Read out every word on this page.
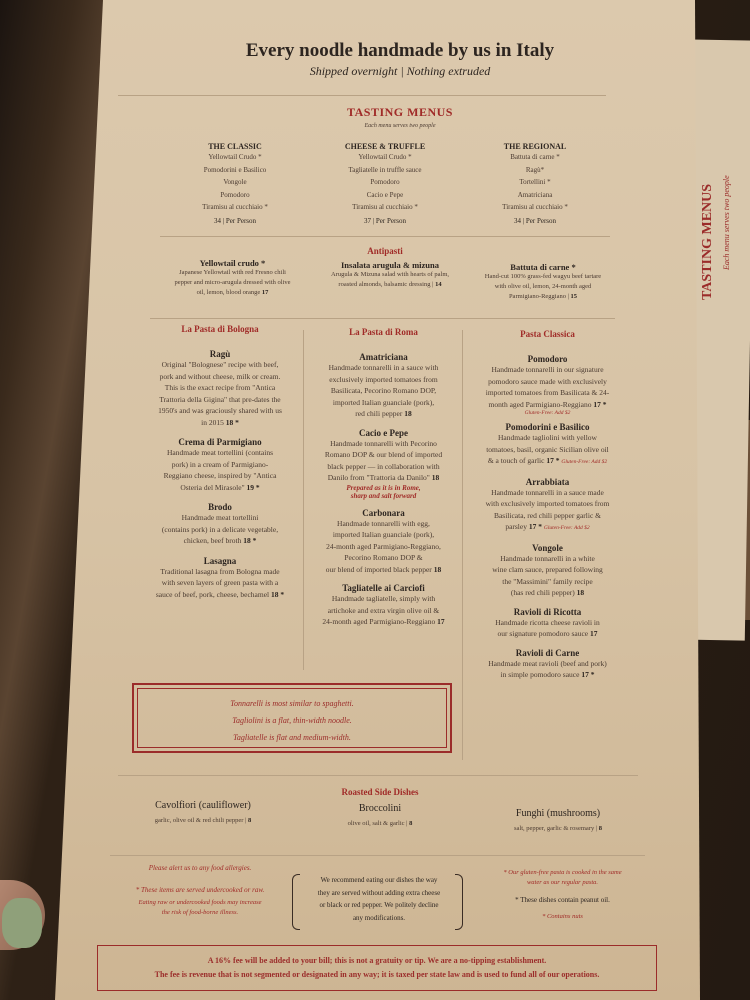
TASTING MENUS Each menu serves two people
Every noodle handmade by us in Italy
Shipped overnight | Nothing extruded
TASTING MENUS
Each menu serves two people
THE CLASSIC
Yellowtail Crudo *
Pomodorini e Basilico
Vongole
Pomodoro
Tiramisu al cucchiaio *
34 | Per Person
CHEESE & TRUFFLE
Yellowtail Crudo *
Tagliatelle in truffle sauce
Pomodoro
Cacio e Pepe
Tiramisu al cucchiaio *
37 | Per Person
THE REGIONAL
Battuta di carne *
Ragù*
Tortellini *
Amatriciana
Tiramisu al cucchiaio *
34 | Per Person
Antipasti
Yellowtail crudo *
Japanese Yellowtail with red Fresno chili
pepper and micro-arugula dressed with olive
oil, lemon, blood orange 17
Insalata arugula & mizuna
Arugula & Mizuna salad with hearts of palm,
roasted almonds, balsamic dressing | 14
Battuta di carne *
Hand-cut 100% grass-fed wagyu beef tartare
with olive oil, lemon, 24-month aged
Parmigiano-Reggiano | 15
La Pasta di Bologna
Ragù
Original "Bolognese" recipe with beef,
pork and without cheese, milk or cream.
This is the exact recipe from "Antica
Trattoria della Gigina" that pre-dates the
1950's and was graciously shared with us
in 2015 18 *
Crema di Parmigiano
Handmade meat tortellini (contains
pork) in a cream of Parmigiano-
Reggiano cheese, inspired by "Antica
Osteria del Mirasole" 19 *
Brodo
Handmade meat tortellini
(contains pork) in a delicate vegetable,
chicken, beef broth 18 *
Lasagna
Traditional lasagna from Bologna made
with seven layers of green pasta with a
sauce of beef, pork, cheese, bechamel 18 *
La Pasta di Roma
Amatriciana
Handmade tonnarelli in a sauce with
exclusively imported tomatoes from
Basilicata, Pecorino Romano DOP,
imported Italian guanciale (pork),
red chili pepper 18
Cacio e Pepe
Handmade tonnarelli with Pecorino
Romano DOP & our blend of imported
black pepper — in collaboration with
Danilo from "Trattoria da Danilo" 18
Prepared as it is in Rome,
sharp and salt forward
Carbonara
Handmade tonnarelli with egg,
imported Italian guanciale (pork),
24-month aged Parmigiano-Reggiano,
Pecorino Romano DOP &
our blend of imported black pepper 18
Tagliatelle ai Carciofi
Handmade tagliatelle, simply with
artichoke and extra virgin olive oil &
24-month aged Parmigiano-Reggiano 17
Pasta Classica
Pomodoro
Handmade tonnarelli in our signature
pomodoro sauce made with exclusively
imported tomatoes from Basilicata & 24-
month aged Parmigiano-Reggiano 17 *
Gluten-Free: Add $2
Pomodorini e Basilico
Handmade tagliolini with yellow
tomatoes, basil, organic Sicilian olive oil
& a touch of garlic 17 * Gluten-Free: Add $2
Arrabbiata
Handmade tonnarelli in a sauce made
with exclusively imported tomatoes from
Basilicata, red chili pepper garlic &
parsley 17 * Gluten-Free: Add $2
Vongole
Handmade tonnarelli in a white
wine clam sauce, prepared following
the "Massimini" family recipe
(has red chili pepper) 18
Ravioli di Ricotta
Handmade ricotta cheese ravioli in
our signature pomodoro sauce 17
Ravioli di Carne
Handmade meat ravioli (beef and pork)
in simple pomodoro sauce 17 *
Tonnarelli is most similar to spaghetti.
Tagliolini is a flat, thin-width noodle.
Tagliatelle is flat and medium-width.
Roasted Side Dishes
Cavolfiori (cauliflower)
garlic, olive oil & red chili pepper | 8
Broccolini
olive oil, salt & garlic | 8
Funghi (mushrooms)
salt, pepper, garlic & rosemary | 8
Please alert us to any food allergies.
* These items are served undercooked or raw.
Eating raw or undercooked foods may increase
the risk of food-borne illness.
We recommend eating our dishes the way
they are served without adding extra cheese
or black or red pepper. We politely decline
any modifications.
* Our gluten-free pasta is cooked in the same
water as our regular pasta.
* These dishes contain peanut oil.
* Contains nuts
A 16% fee will be added to your bill; this is not a gratuity or tip. We are a no-tipping establishment.
The fee is revenue that is not segmented or designated in any way; it is taxed per state law and is used to fund all of our operations.
